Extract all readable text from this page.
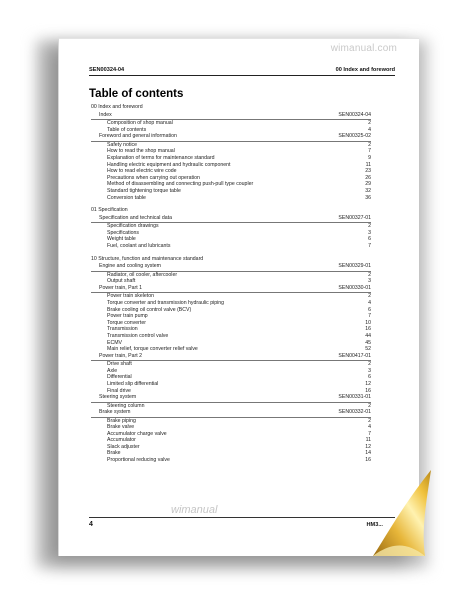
wimanual.com
SEN00324-04	00 Index and foreword
Table of contents
00 Index and foreword
Index	SEN00324-04
Composition of shop manual	2
Table of contents	4
Foreword and general information	SEN00325-02
Safety notice	2
How to read the shop manual	7
Explanation of terms for maintenance standard	9
Handling electric equipment and hydraulic component	11
How to read electric wire code	23
Precautions when carrying out operation	26
Method of disassembling and connecting push-pull type coupler	29
Standard tightening torque table	32
Conversion table	36
01 Specification
Specification and technical data	SEN00327-01
Specification drawings	2
Specifications	3
Weight table	6
Fuel, coolant and lubricants	7
10 Structure, function and maintenance standard
Engine and cooling system	SEN00329-01
Radiator, oil cooler, aftercooler	2
Output shaft	3
Power train, Part 1	SEN00330-01
Power train skeleton	2
Torque converter and transmission hydraulic piping	4
Brake cooling oil control valve (BCV)	6
Power train pump	7
Torque converter	10
Transmission	16
Transmission control valve	44
ECMV	45
Main relief, torque converter relief valve	52
Power train, Part 2	SEN00417-01
Drive shaft	2
Axle	3
Differential	6
Limited slip differential	12
Final drive	16
Steering system	SEN00331-01
Steering column	2
Brake system	SEN00332-01
Brake piping	2
Brake valve	4
Accumulator charge valve	7
Accumulator	11
Slack adjuster	12
Brake	14
Proportional reducing valve	16
wimanual
4	HM3...
